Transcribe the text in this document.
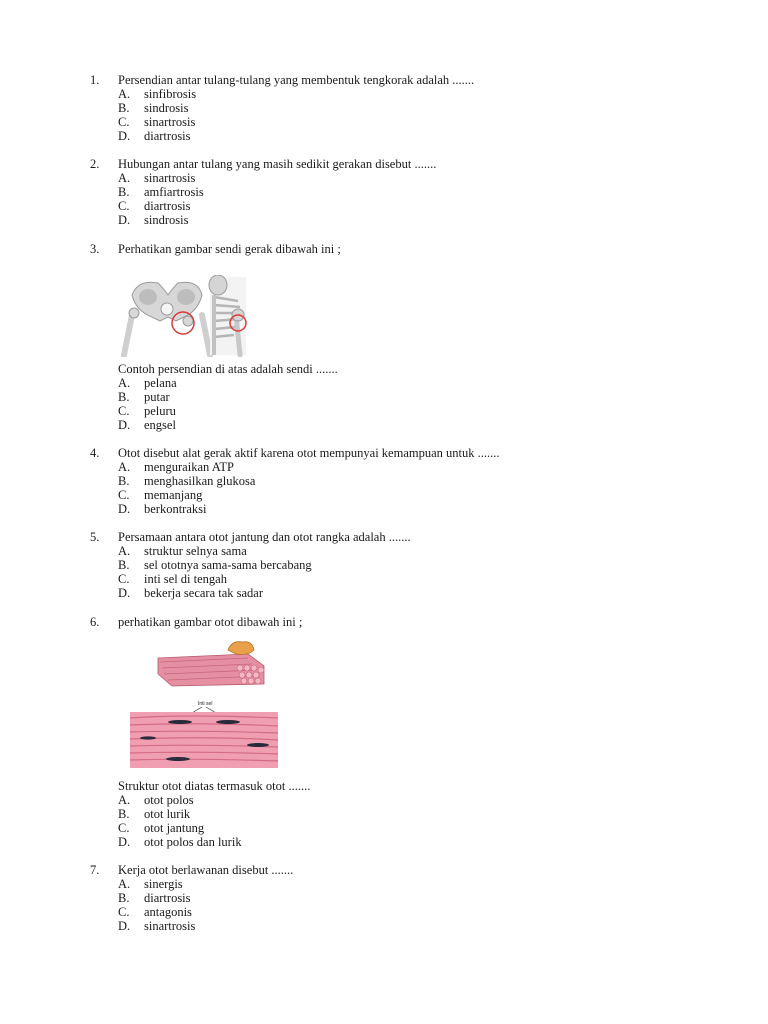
1.	Persendian antar tulang-tulang yang membentuk tengkorak adalah .......
A.	sinfibrosis
B.	sindrosis
C.	sinartrosis
D.	diartrosis
2.	Hubungan antar tulang yang masih sedikit gerakan disebut .......
A.	sinartrosis
B.	amfiartrosis
C.	diartrosis
D.	sindrosis
3.	Perhatikan gambar sendi gerak dibawah ini ;
Contoh persendian di atas adalah sendi .......
A.	pelana
B.	putar
C.	peluru
D.	engsel
4.	Otot disebut alat gerak aktif karena otot mempunyai kemampuan untuk .......
A.	menguraikan ATP
B.	menghasilkan glukosa
C.	memanjang
D.	berkontraksi
5.	Persamaan antara otot jantung dan otot rangka adalah .......
A.	struktur selnya sama
B.	sel ototnya sama-sama bercabang
C.	inti sel di tengah
D.	bekerja secara tak sadar
6.	perhatikan gambar otot dibawah ini ;
Inti sel
Struktur otot diatas termasuk otot .......
A.	otot polos
B.	otot lurik
C.	otot jantung
D.	otot polos dan lurik
7.	Kerja otot berlawanan disebut .......
A.	sinergis
B.	diartrosis
C.	antagonis
D.	sinartrosis
